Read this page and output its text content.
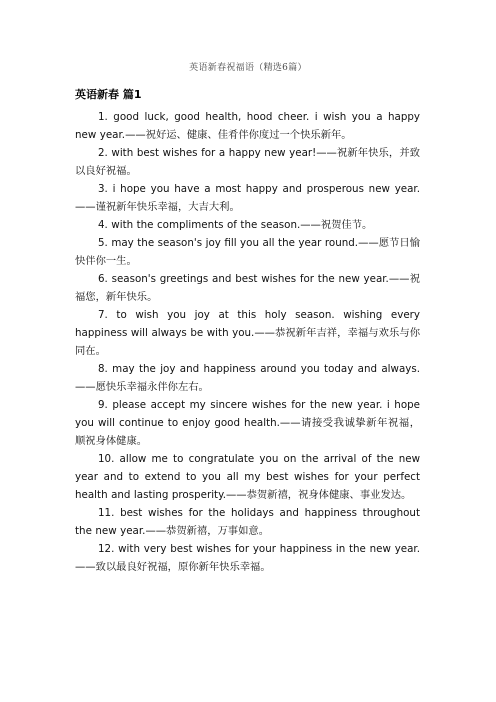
英语新春祝福语（精选6篇）
英语新春 篇1

1. good luck, good health, hood cheer. i wish you a happy new year.——祝好运、健康、佳肴伴你度过一个快乐新年。

2. with best wishes for a happy new year!——祝新年快乐，并致以良好祝福。

3. i hope you have a most happy and prosperous new year.——谨祝新年快乐幸福，大吉大利。

4. with the compliments of the season.——祝贺佳节。

5. may the season's joy fill you all the year round.——愿节日愉快伴你一生。

6. season's greetings and best wishes for the new year.——祝福您，新年快乐。

7. to wish you joy at this holy season. wishing every happiness will always be with you.——恭祝新年吉祥，幸福与欢乐与你同在。

8. may the joy and happiness around you today and always.——愿快乐幸福永伴你左右。

9. please accept my sincere wishes for the new year. i hope you will continue to enjoy good health.——请接受我诚挚新年祝福，顺祝身体健康。

10. allow me to congratulate you on the arrival of the new year and to extend to you all my best wishes for your perfect health and lasting prosperity.——恭贺新禧，祝身体健康、事业发达。

11. best wishes for the holidays and happiness throughout the new year.——恭贺新禧，万事如意。

12. with very best wishes for your happiness in the new year.——致以最良好祝福，原你新年快乐幸福。
